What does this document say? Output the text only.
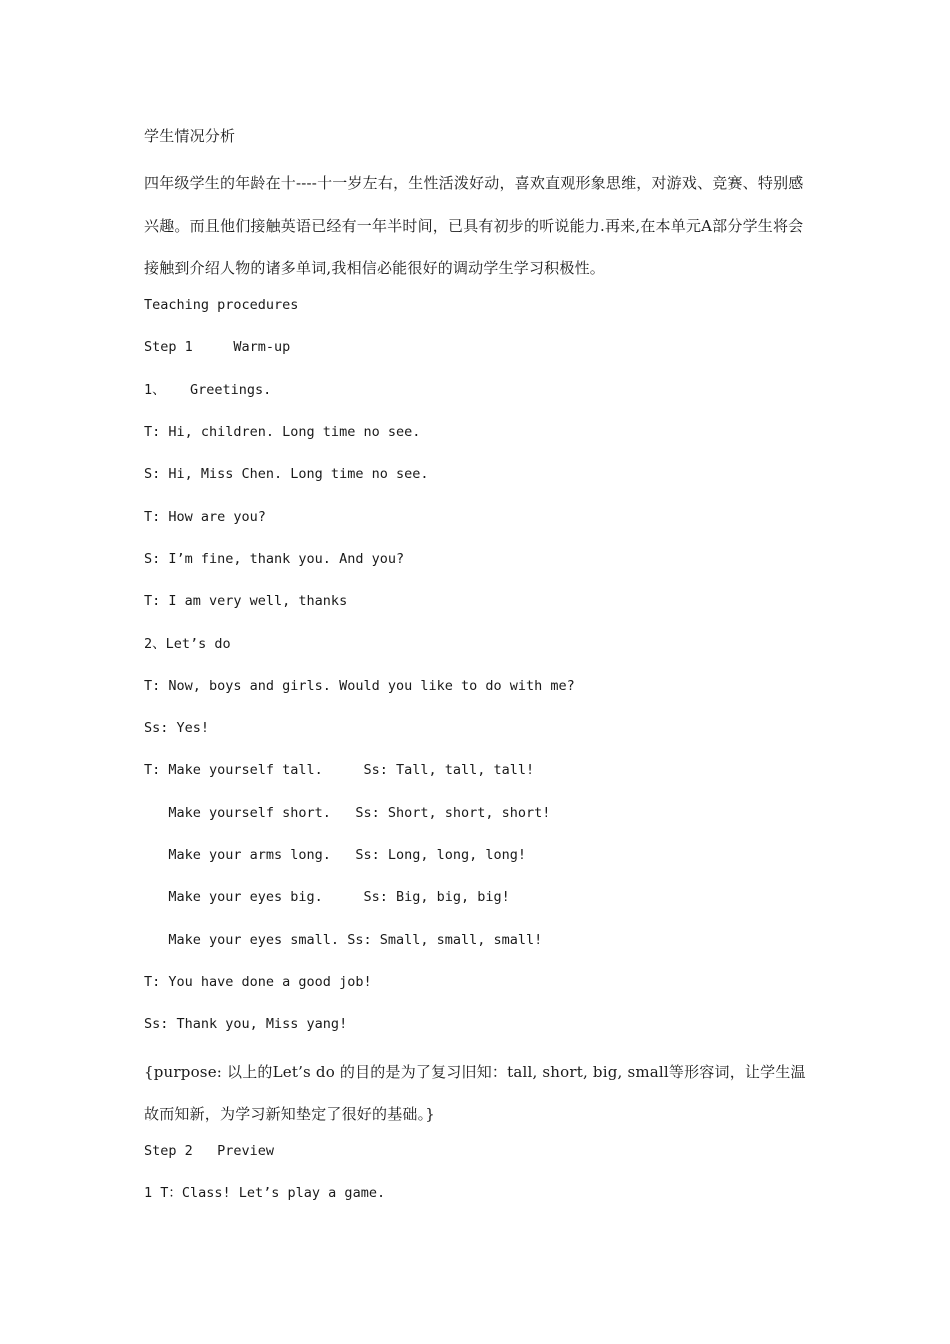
学生情况分析
四年级学生的年龄在十----十一岁左右，生性活泼好动，喜欢直观形象思维，对游戏、竞赛、特别感兴趣。而且他们接触英语已经有一年半时间，已具有初步的听说能力.再来,在本单元A部分学生将会接触到介绍人物的诸多单词,我相信必能很好的调动学生学习积极性。
Teaching procedures
Step 1     Warm-up
1、   Greetings.
T: Hi, children. Long time no see.
S: Hi, Miss Chen. Long time no see.
T: How are you?
S: I’m fine, thank you. And you?
T: I am very well, thanks
2、Let’s do
T: Now, boys and girls. Would you like to do with me?
Ss: Yes!
T: Make yourself tall.     Ss: Tall, tall, tall!
Make yourself short.   Ss: Short, short, short!
Make your arms long.   Ss: Long, long, long!
Make your eyes big.     Ss: Big, big, big!
Make your eyes small. Ss: Small, small, small!
T: You have done a good job!
Ss: Thank you, Miss yang!
{purpose: 以上的Let’s do 的目的是为了复习旧知：tall, short, big, small等形容词，让学生温故而知新，为学习新知垫定了很好的基础。}
Step 2   Preview
1 T：Class! Let’s play a game.
